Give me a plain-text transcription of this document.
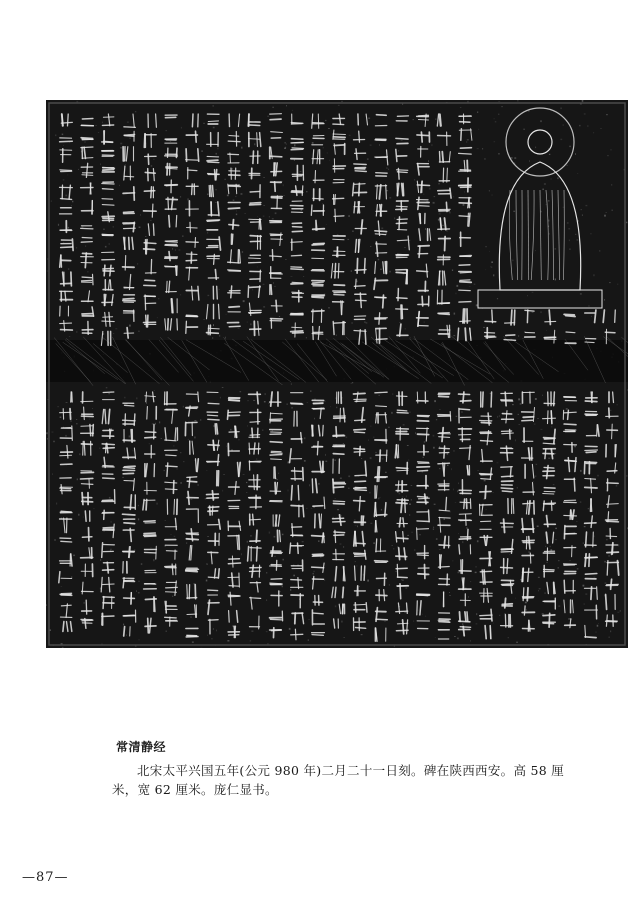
常清静经

北宋太平兴国五年(公元 980 年)二月二十一日刻。碑在陕西西安。高 58 厘米，宽 62 厘米。庞仁显书。

—87—
